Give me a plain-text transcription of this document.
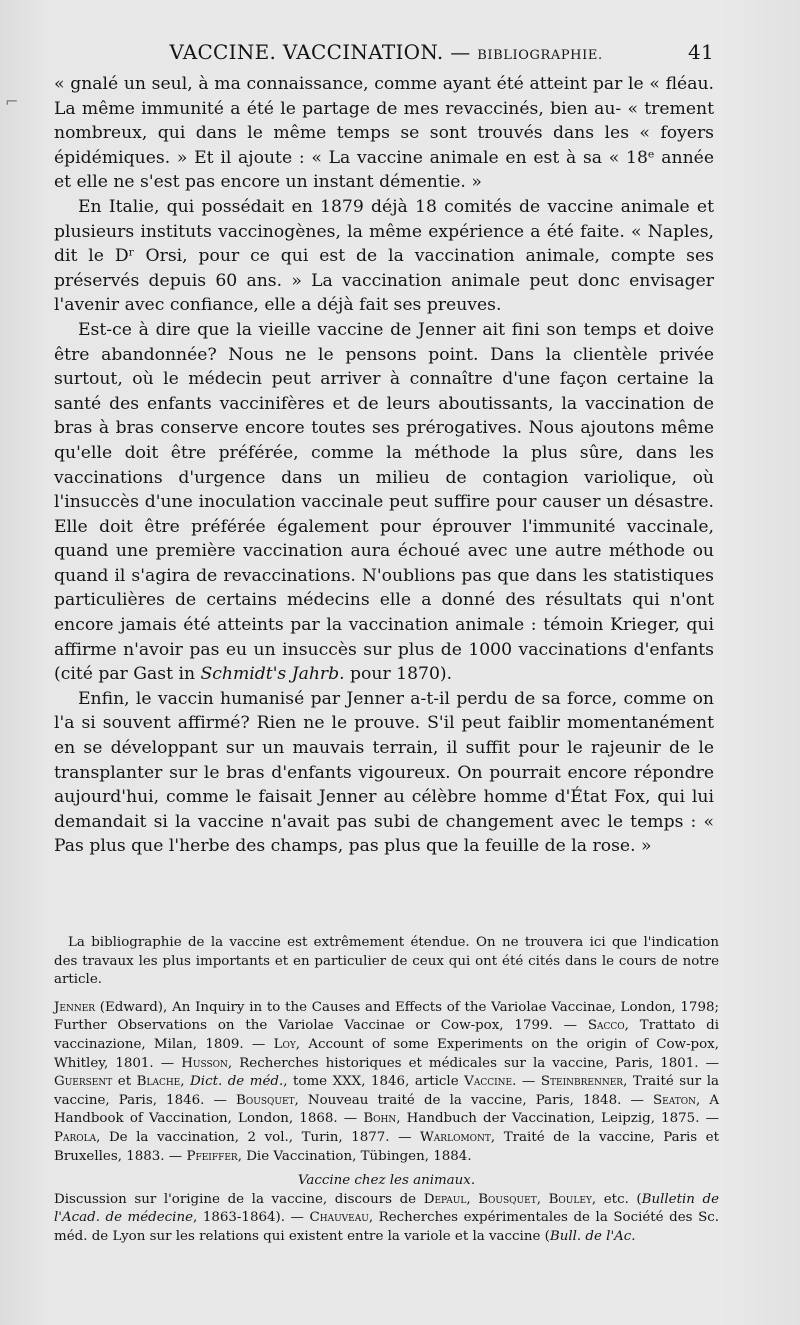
⌐
VACCINE. VACCINATION. — BIBLIOGRAPHIE.	41

« gnalé un seul, à ma connaissance, comme ayant été atteint par le « fléau. La même immunité a été le partage de mes revaccinés, bien au- « trement nombreux, qui dans le même temps se sont trouvés dans les « foyers épidémiques. » Et il ajoute : « La vaccine animale en est à sa « 18ᵉ année et elle ne s'est pas encore un instant démentie. »

En Italie, qui possédait en 1879 déjà 18 comités de vaccine animale et plusieurs instituts vaccinogènes, la même expérience a été faite. « Naples, dit le Dʳ Orsi, pour ce qui est de la vaccination animale, compte ses préservés depuis 60 ans. » La vaccination animale peut donc envisager l'avenir avec confiance, elle a déjà fait ses preuves.

Est-ce à dire que la vieille vaccine de Jenner ait fini son temps et doive être abandonnée? Nous ne le pensons point. Dans la clientèle privée surtout, où le médecin peut arriver à connaître d'une façon certaine la santé des enfants vaccinifères et de leurs aboutissants, la vaccination de bras à bras conserve encore toutes ses prérogatives. Nous ajoutons même qu'elle doit être préférée, comme la méthode la plus sûre, dans les vaccinations d'urgence dans un milieu de contagion variolique, où l'insuccès d'une inoculation vaccinale peut suffire pour causer un désastre. Elle doit être préférée également pour éprouver l'immunité vaccinale, quand une première vaccination aura échoué avec une autre méthode ou quand il s'agira de revaccinations. N'oublions pas que dans les statistiques particulières de certains médecins elle a donné des résultats qui n'ont encore jamais été atteints par la vaccination animale : témoin Krieger, qui affirme n'avoir pas eu un insuccès sur plus de 1000 vaccinations d'enfants (cité par Gast in Schmidt's Jahrb. pour 1870).

Enfin, le vaccin humanisé par Jenner a-t-il perdu de sa force, comme on l'a si souvent affirmé? Rien ne le prouve. S'il peut faiblir momentanément en se développant sur un mauvais terrain, il suffit pour le rajeunir de le transplanter sur le bras d'enfants vigoureux. On pourrait encore répondre aujourd'hui, comme le faisait Jenner au célèbre homme d'État Fox, qui lui demandait si la vaccine n'avait pas subi de changement avec le temps : « Pas plus que l'herbe des champs, pas plus que la feuille de la rose. »

La bibliographie de la vaccine est extrêmement étendue. On ne trouvera ici que l'indication des travaux les plus importants et en particulier de ceux qui ont été cités dans le cours de notre article.

Jenner (Edward), An Inquiry in to the Causes and Effects of the Variolae Vaccinae, London, 1798; Further Observations on the Variolae Vaccinae or Cow-pox, 1799. — Sacco, Trattato di vaccinazione, Milan, 1809. — Loy, Account of some Experiments on the origin of Cow-pox, Whitley, 1801. — Husson, Recherches historiques et médicales sur la vaccine, Paris, 1801. — Guersent et Blache, Dict. de méd., tome XXX, 1846, article Vaccine. — Steinbrenner, Traité sur la vaccine, Paris, 1846. — Bousquet, Nouveau traité de la vaccine, Paris, 1848. — Seaton, A Handbook of Vaccination, London, 1868. — Bohn, Handbuch der Vaccination, Leipzig, 1875. — Parola, De la vaccination, 2 vol., Turin, 1877. — Warlomont, Traité de la vaccine, Paris et Bruxelles, 1883. — Pfeiffer, Die Vaccination, Tübingen, 1884.

Vaccine chez les animaux.

Discussion sur l'origine de la vaccine, discours de Depaul, Bousquet, Bouley, etc. (Bulletin de l'Acad. de médecine, 1863-1864). — Chauveau, Recherches expérimentales de la Société des Sc. méd. de Lyon sur les relations qui existent entre la variole et la vaccine (Bull. de l'Ac.
